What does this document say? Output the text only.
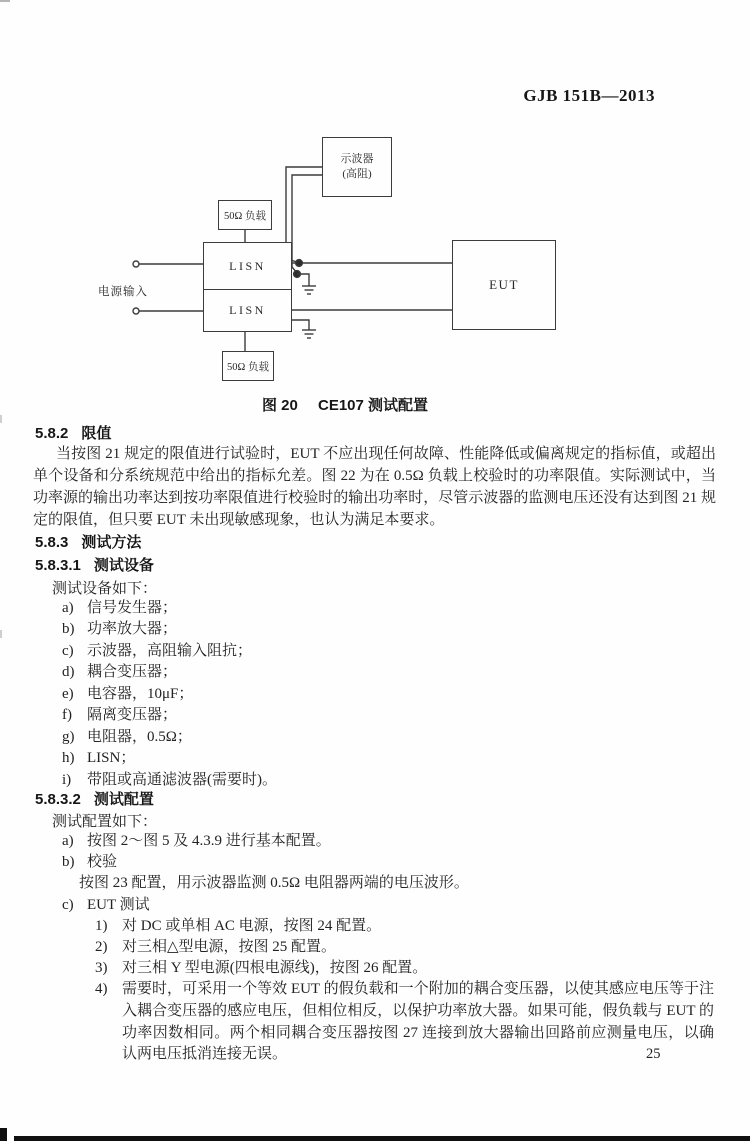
GJB 151B—2013
示波器
(高阻)
50Ω 负载
LISN
LISN
EUT
50Ω 负载
电源输入
图 20 CE107 测试配置
5.8.2 限值
当按图 21 规定的限值进行试验时，EUT 不应出现任何故障、性能降低或偏离规定的指标值，或超出单个设备和分系统规范中给出的指标允差。图 22 为在 0.5Ω 负载上校验时的功率限值。实际测试中，当功率源的输出功率达到按功率限值进行校验时的输出功率时，尽管示波器的监测电压还没有达到图 21 规定的限值，但只要 EUT 未出现敏感现象，也认为满足本要求。
5.8.3 测试方法
5.8.3.1 测试设备
测试设备如下：
a) 信号发生器；
b) 功率放大器；
c) 示波器，高阻输入阻抗；
d) 耦合变压器；
e) 电容器，10μF；
f) 隔离变压器；
g) 电阻器，0.5Ω；
h) LISN；
i) 带阻或高通滤波器(需要时)。
5.8.3.2 测试配置
测试配置如下：
a) 按图 2～图 5 及 4.3.9 进行基本配置。
b) 校验
按图 23 配置，用示波器监测 0.5Ω 电阻器两端的电压波形。
c) EUT 测试
1) 对 DC 或单相 AC 电源，按图 24 配置。
2) 对三相△型电源，按图 25 配置。
3) 对三相 Y 型电源(四根电源线)，按图 26 配置。
4) 需要时，可采用一个等效 EUT 的假负载和一个附加的耦合变压器，以使其感应电压等于注入耦合变压器的感应电压，但相位相反，以保护功率放大器。如果可能，假负载与 EUT 的功率因数相同。两个相同耦合变压器按图 27 连接到放大器输出回路前应测量电压，以确认两电压抵消连接无误。	25
